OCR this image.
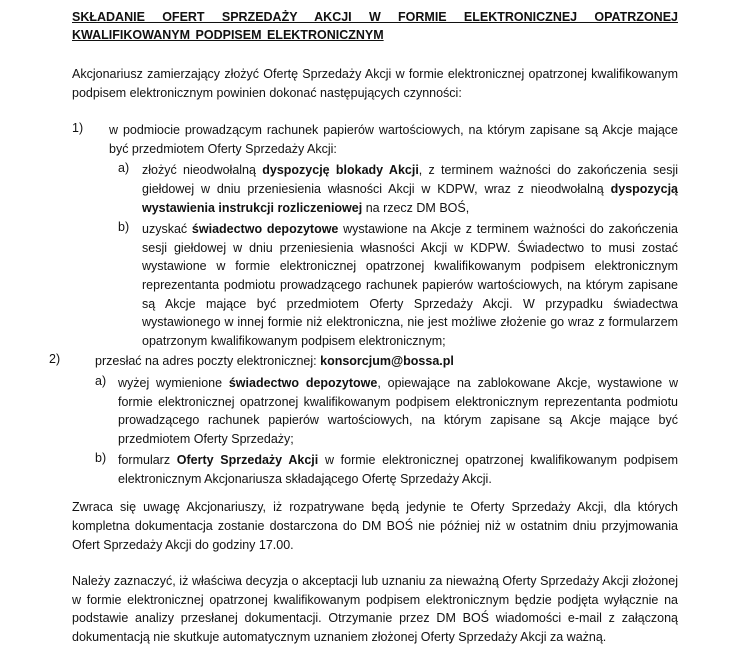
SKŁADANIE OFERT SPRZEDAŻY AKCJI W FORMIE ELEKTRONICZNEJ OPATRZONEJ KWALIFIKOWANYM PODPISEM ELEKTRONICZNYM

Akcjonariusz zamierzający złożyć Ofertę Sprzedaży Akcji w formie elektronicznej opatrzonej kwalifikowanym podpisem elektronicznym powinien dokonać następujących czynności:

1) w podmiocie prowadzącym rachunek papierów wartościowych, na którym zapisane są Akcje mające być przedmiotem Oferty Sprzedaży Akcji:

a) złożyć nieodwołalną dyspozycję blokady Akcji, z terminem ważności do zakończenia sesji giełdowej w dniu przeniesienia własności Akcji w KDPW, wraz z nieodwołalną dyspozycją wystawienia instrukcji rozliczeniowej na rzecz DM BOŚ,

b) uzyskać świadectwo depozytowe wystawione na Akcje z terminem ważności do zakończenia sesji giełdowej w dniu przeniesienia własności Akcji w KDPW. Świadectwo to musi zostać wystawione w formie elektronicznej opatrzonej kwalifikowanym podpisem elektronicznym reprezentanta podmiotu prowadzącego rachunek papierów wartościowych, na którym zapisane są Akcje mające być przedmiotem Oferty Sprzedaży Akcji. W przypadku świadectwa wystawionego w innej formie niż elektroniczna, nie jest możliwe złożenie go wraz z formularzem opatrzonym kwalifikowanym podpisem elektronicznym;

2)	przesłać na adres poczty elektronicznej: konsorcjum@bossa.pl

a) wyżej wymienione świadectwo depozytowe, opiewające na zablokowane Akcje, wystawione w formie elektronicznej opatrzonej kwalifikowanym podpisem elektronicznym reprezentanta podmiotu prowadzącego rachunek papierów wartościowych, na którym zapisane są Akcje mające być przedmiotem Oferty Sprzedaży;

b) formularz Oferty Sprzedaży Akcji w formie elektronicznej opatrzonej kwalifikowanym podpisem elektronicznym Akcjonariusza składającego Ofertę Sprzedaży Akcji.

Zwraca się uwagę Akcjonariuszy, iż rozpatrywane będą jedynie te Oferty Sprzedaży Akcji, dla których kompletna dokumentacja zostanie dostarczona do DM BOŚ nie później niż w ostatnim dniu przyjmowania Ofert Sprzedaży Akcji do godziny 17.00.

Należy zaznaczyć, iż właściwa decyzja o akceptacji lub uznaniu za nieważną Oferty Sprzedaży Akcji złożonej w formie elektronicznej opatrzonej kwalifikowanym podpisem elektronicznym będzie podjęta wyłącznie na podstawie analizy przesłanej dokumentacji. Otrzymanie przez DM BOŚ wiadomości e-mail z załączoną dokumentacją nie skutkuje automatycznym uznaniem złożonej Oferty Sprzedaży Akcji za ważną.
